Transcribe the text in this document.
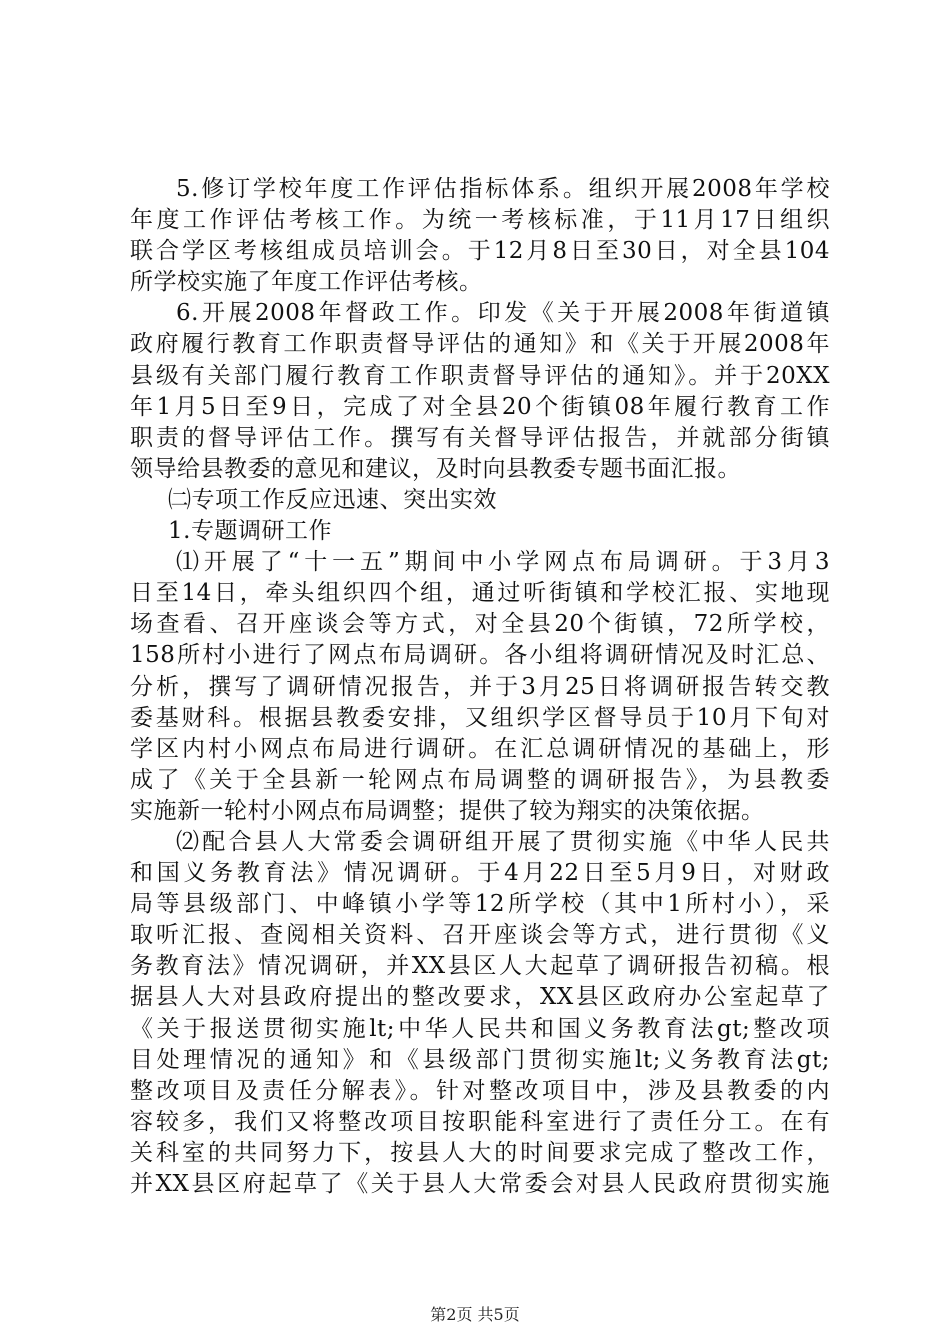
5.修订学校年度工作评估指标体系。组织开展2008年学校
年度工作评估考核工作。为统一考核标准，于11月17日组织
联合学区考核组成员培训会。于12月8日至30日，对全县104
所学校实施了年度工作评估考核。
6.开展2008年督政工作。印发《关于开展2008年街道镇
政府履行教育工作职责督导评估的通知》和《关于开展2008年
县级有关部门履行教育工作职责督导评估的通知》。并于20XX
年1月5日至9日，完成了对全县20个街镇08年履行教育工作
职责的督导评估工作。撰写有关督导评估报告，并就部分街镇
领导给县教委的意见和建议，及时向县教委专题书面汇报。
㈡专项工作反应迅速、突出实效
1.专题调研工作
⑴开展了“十一五”期间中小学网点布局调研。于3月3
日至14日，牵头组织四个组，通过听街镇和学校汇报、实地现
场查看、召开座谈会等方式，对全县20个街镇，72所学校，
158所村小进行了网点布局调研。各小组将调研情况及时汇总、
分析，撰写了调研情况报告，并于3月25日将调研报告转交教
委基财科。根据县教委安排，又组织学区督导员于10月下旬对
学区内村小网点布局进行调研。在汇总调研情况的基础上，形
成了《关于全县新一轮网点布局调整的调研报告》，为县教委
实施新一轮村小网点布局调整；提供了较为翔实的决策依据。
⑵配合县人大常委会调研组开展了贯彻实施《中华人民共
和国义务教育法》情况调研。于4月22日至5月9日，对财政
局等县级部门、中峰镇小学等12所学校（其中1所村小），采
取听汇报、查阅相关资料、召开座谈会等方式，进行贯彻《义
务教育法》情况调研，并XX县区人大起草了调研报告初稿。根
据县人大对县政府提出的整改要求，XX县区政府办公室起草了
《关于报送贯彻实施lt;中华人民共和国义务教育法gt;整改项
目处理情况的通知》和《县级部门贯彻实施lt;义务教育法gt;
整改项目及责任分解表》。针对整改项目中，涉及县教委的内
容较多，我们又将整改项目按职能科室进行了责任分工。在有
关科室的共同努力下，按县人大的时间要求完成了整改工作，
并XX县区府起草了《关于县人大常委会对县人民政府贯彻实施
第2页 共5页
